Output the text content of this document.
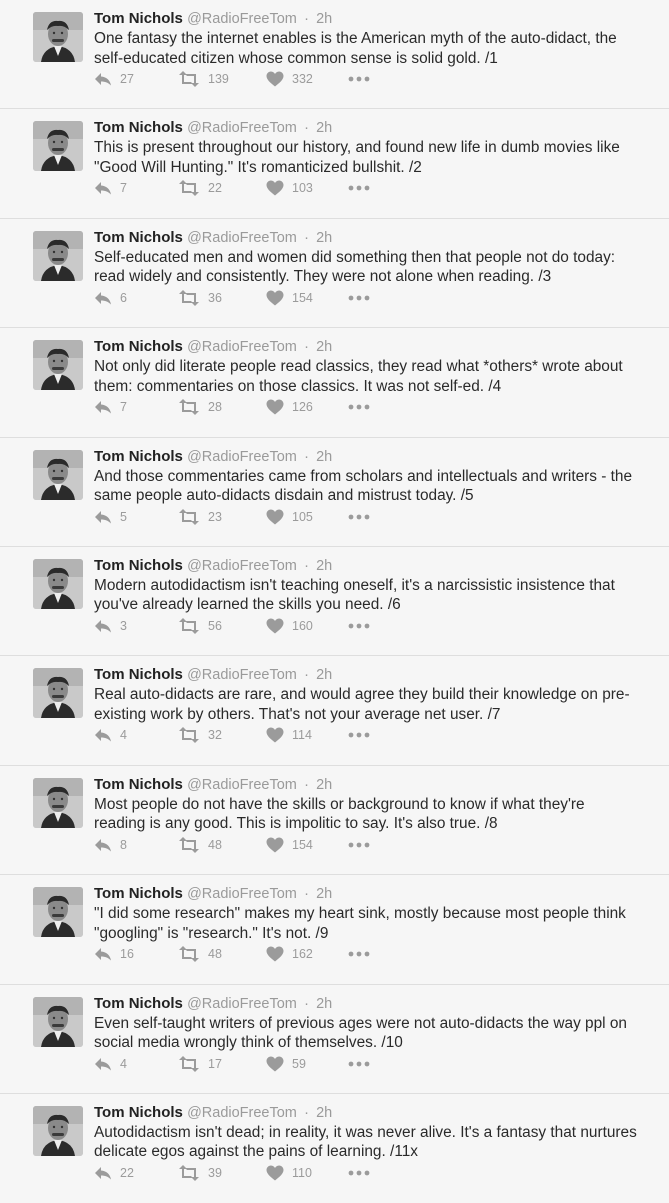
Tom Nichols @RadioFreeTom · 2h
One fantasy the internet enables is the American myth of the auto-didact, the self-educated citizen whose common sense is solid gold. /1
27	139	332
Tom Nichols @RadioFreeTom · 2h
This is present throughout our history, and found new life in dumb movies like "Good Will Hunting." It's romanticized bullshit. /2
7	22	103
Tom Nichols @RadioFreeTom · 2h
Self-educated men and women did something then that people not do today: read widely and consistently. They were not alone when reading. /3
6	36	154
Tom Nichols @RadioFreeTom · 2h
Not only did literate people read classics, they read what *others* wrote about them: commentaries on those classics. It was not self-ed. /4
7	28	126
Tom Nichols @RadioFreeTom · 2h
And those commentaries came from scholars and intellectuals and writers - the same people auto-didacts disdain and mistrust today. /5
5	23	105
Tom Nichols @RadioFreeTom · 2h
Modern autodidactism isn't teaching oneself, it's a narcissistic insistence that you've already learned the skills you need. /6
3	56	160
Tom Nichols @RadioFreeTom · 2h
Real auto-didacts are rare, and would agree they build their knowledge on pre-existing work by others. That's not your average net user. /7
4	32	114
Tom Nichols @RadioFreeTom · 2h
Most people do not have the skills or background to know if what they're reading is any good. This is impolitic to say. It's also true. /8
8	48	154
Tom Nichols @RadioFreeTom · 2h
"I did some research" makes my heart sink, mostly because most people think "googling" is "research." It's not. /9
16	48	162
Tom Nichols @RadioFreeTom · 2h
Even self-taught writers of previous ages were not auto-didacts the way ppl on social media wrongly think of themselves. /10
4	17	59
Tom Nichols @RadioFreeTom · 2h
Autodidactism isn't dead; in reality, it was never alive. It's a fantasy that nurtures delicate egos against the pains of learning. /11x
22	39	110
